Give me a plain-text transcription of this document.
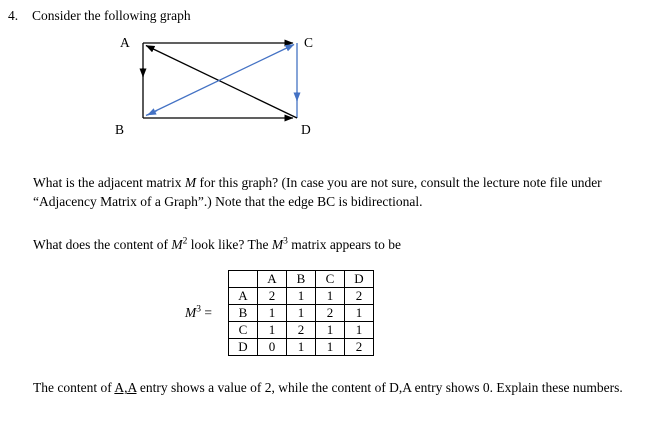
4. Consider the following graph
A	C
B	D

What is the adjacent matrix M for this graph? (In case you are not sure, consult the lecture note file under “Adjacency Matrix of a Graph”.) Note that the edge BC is bidirectional.

What does the content of $M^2$ look like? The $M^3$ matrix appears to be

$M^3$ =
	A	B	C	D
A	2	1	1	2
B	1	1	2	1
C	1	2	1	1
D	0	1	1	2

The content of A,A entry shows a value of 2, while the content of D,A entry shows 0. Explain these numbers.
